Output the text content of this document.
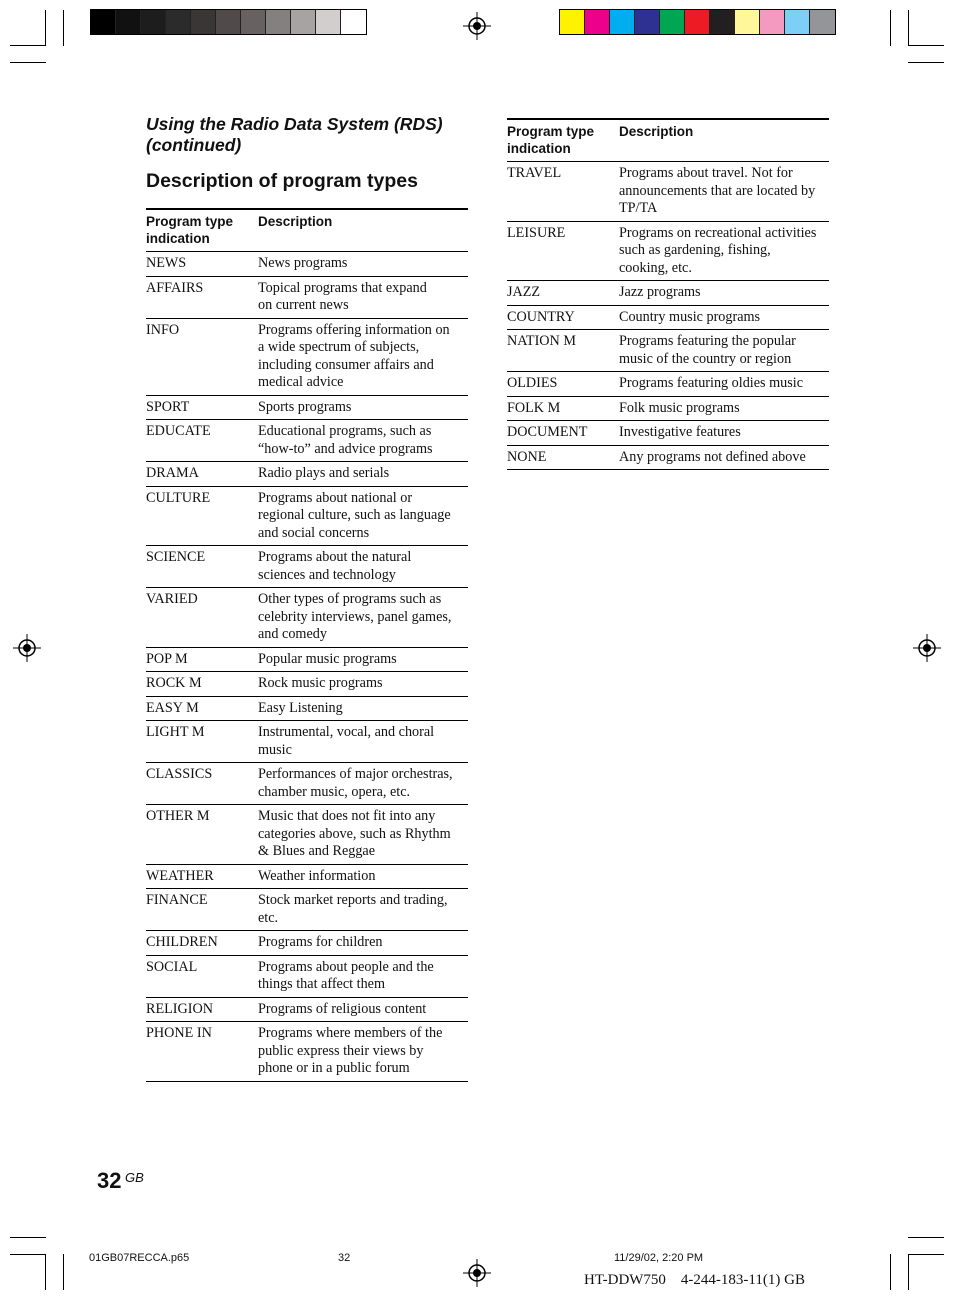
Using the Radio Data System (RDS) (continued)
Description of program types
Program type indication	Description
NEWS	News programs

AFFAIRS	Topical programs that expand
on current news

INFO	Programs offering information on
a wide spectrum of subjects,
including consumer affairs and
medical advice

SPORT	Sports programs

EDUCATE	Educational programs, such as
“how-to” and advice programs

DRAMA	Radio plays and serials

CULTURE	Programs about national or
regional culture, such as language
and social concerns

SCIENCE	Programs about the natural
sciences and technology

VARIED	Other types of programs such as
celebrity interviews, panel games,
and comedy

POP M	Popular music programs

ROCK M	Rock music programs

EASY M	Easy Listening

LIGHT M	Instrumental, vocal, and choral
music

CLASSICS	Performances of major orchestras,
chamber music, opera, etc.

OTHER M	Music that does not fit into any
categories above, such as Rhythm
& Blues and Reggae

WEATHER	Weather information

FINANCE	Stock market reports and trading,
etc.

CHILDREN	Programs for children

SOCIAL	Programs about people and the
things that affect them

RELIGION	Programs of religious content

PHONE IN	Programs where members of the
public express their views by
phone or in a public forum
Program type indication	Description
TRAVEL	Programs about travel. Not for
announcements that are located by
TP/TA

LEISURE	Programs on recreational activities
such as gardening, fishing,
cooking, etc.

JAZZ	Jazz programs

COUNTRY	Country music programs

NATION M	Programs featuring the popular
music of the country or region

OLDIES	Programs featuring oldies music

FOLK M	Folk music programs

DOCUMENT	Investigative features

NONE	Any programs not defined above
32 GB
01GB07RECCA.p65	32	11/29/02, 2:20 PM
HT-DDW750    4-244-183-11(1) GB
